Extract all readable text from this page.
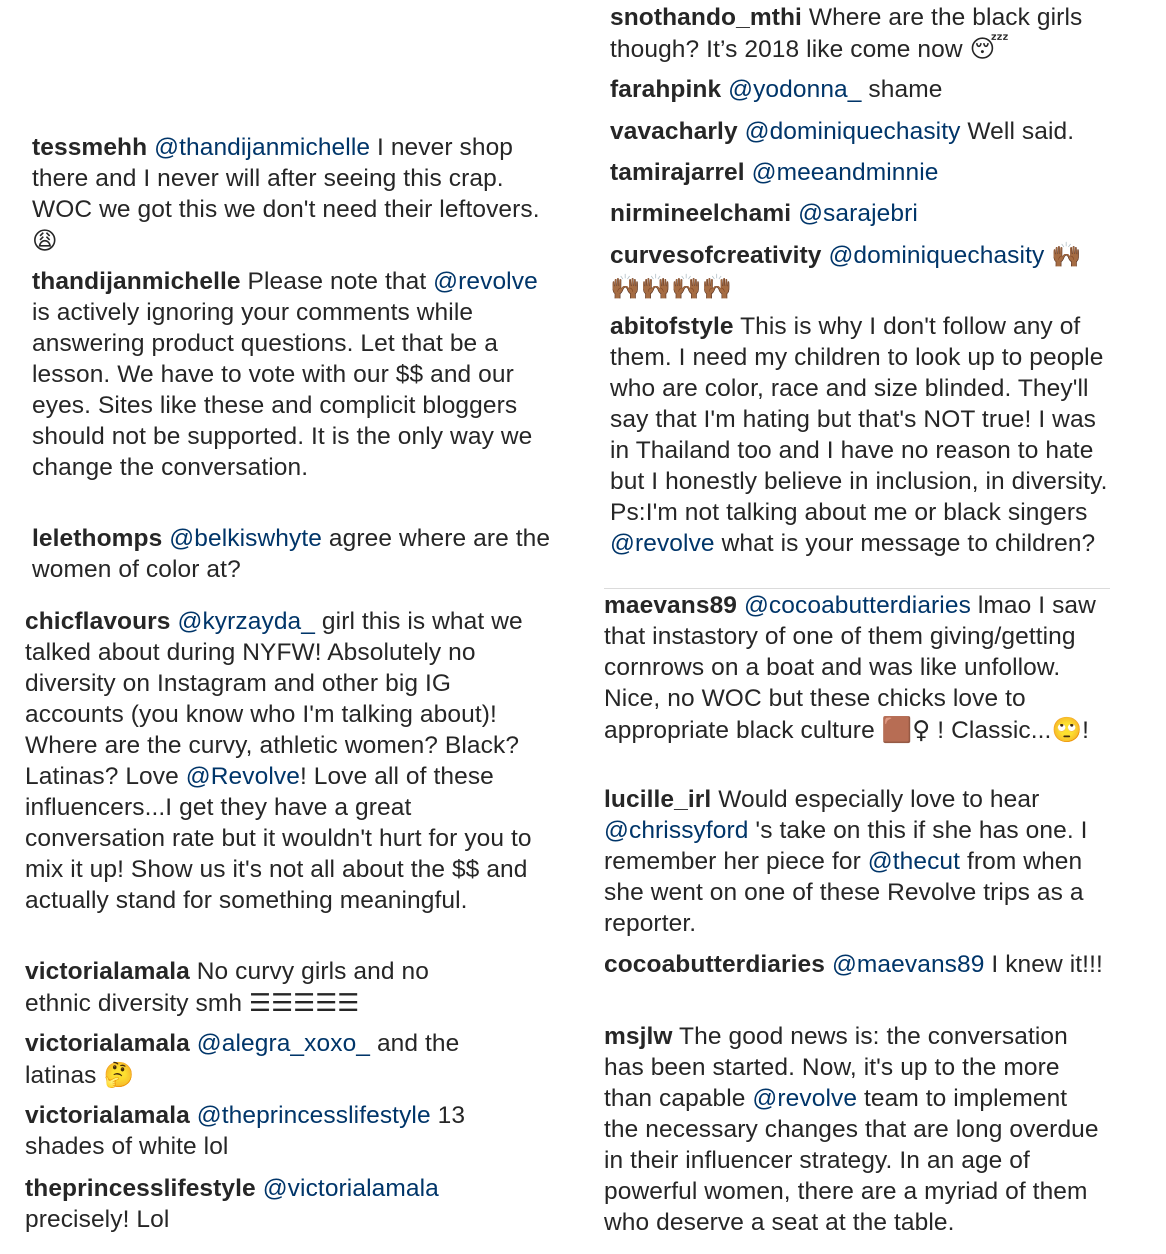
tessmehh @thandijanmichelle I never shop there and I never will after seeing this crap. WOC we got this we don't need their leftovers. 😩
thandijanmichelle Please note that @revolve is actively ignoring your comments while answering product questions. Let that be a lesson. We have to vote with our $$ and our eyes. Sites like these and complicit bloggers should not be supported. It is the only way we change the conversation.
lelethomps @belkiswhyte agree where are the women of color at?
chicflavours @kyrzayda_ girl this is what we talked about during NYFW! Absolutely no diversity on Instagram and other big IG accounts (you know who I'm talking about)! Where are the curvy, athletic women? Black? Latinas? Love @Revolve! Love all of these influencers...I get they have a great conversation rate but it wouldn't hurt for you to mix it up! Show us it's not all about the $$ and actually stand for something meaningful.
victorialamala No curvy girls and no ethnic diversity smh ☰☰☰☰☰
victorialamala @alegra_xoxo_ and the latinas 🤔
victorialamala @theprincesslifestyle 13 shades of white lol
theprincesslifestyle @victorialamala precisely! Lol
snothando_mthi Where are the black girls though? It’s 2018 like come now 😴
farahpink @yodonna_ shame
vavacharly @dominiquechasity Well said.
tamirajarrel @meeandminnie
nirmineelchami @sarajebri
curvesofcreativity @dominiquechasity 🙌🏾🙌🏾🙌🏾🙌🏾🙌🏾
abitofstyle This is why I don't follow any of them. I need my children to look up to people who are color, race and size blinded. They'll say that I'm hating but that's NOT true! I was in Thailand too and I have no reason to hate but I honestly believe in inclusion, in diversity. Ps:I'm not talking about me or black singers @revolve what is your message to children?
maevans89 @cocoabutterdiaries lmao I saw that instastory of one of them giving/getting cornrows on a boat and was like unfollow. Nice, no WOC but these chicks love to appropriate black culture 🟫♀ ! Classic...🙄!
lucille_irl Would especially love to hear @chrissyford 's take on this if she has one. I remember her piece for @thecut from when she went on one of these Revolve trips as a reporter.
cocoabutterdiaries @maevans89 I knew it!!!
msjlw The good news is: the conversation has been started. Now, it's up to the more than capable @revolve team to implement the necessary changes that are long overdue in their influencer strategy. In an age of powerful women, there are a myriad of them who deserve a seat at the table.
